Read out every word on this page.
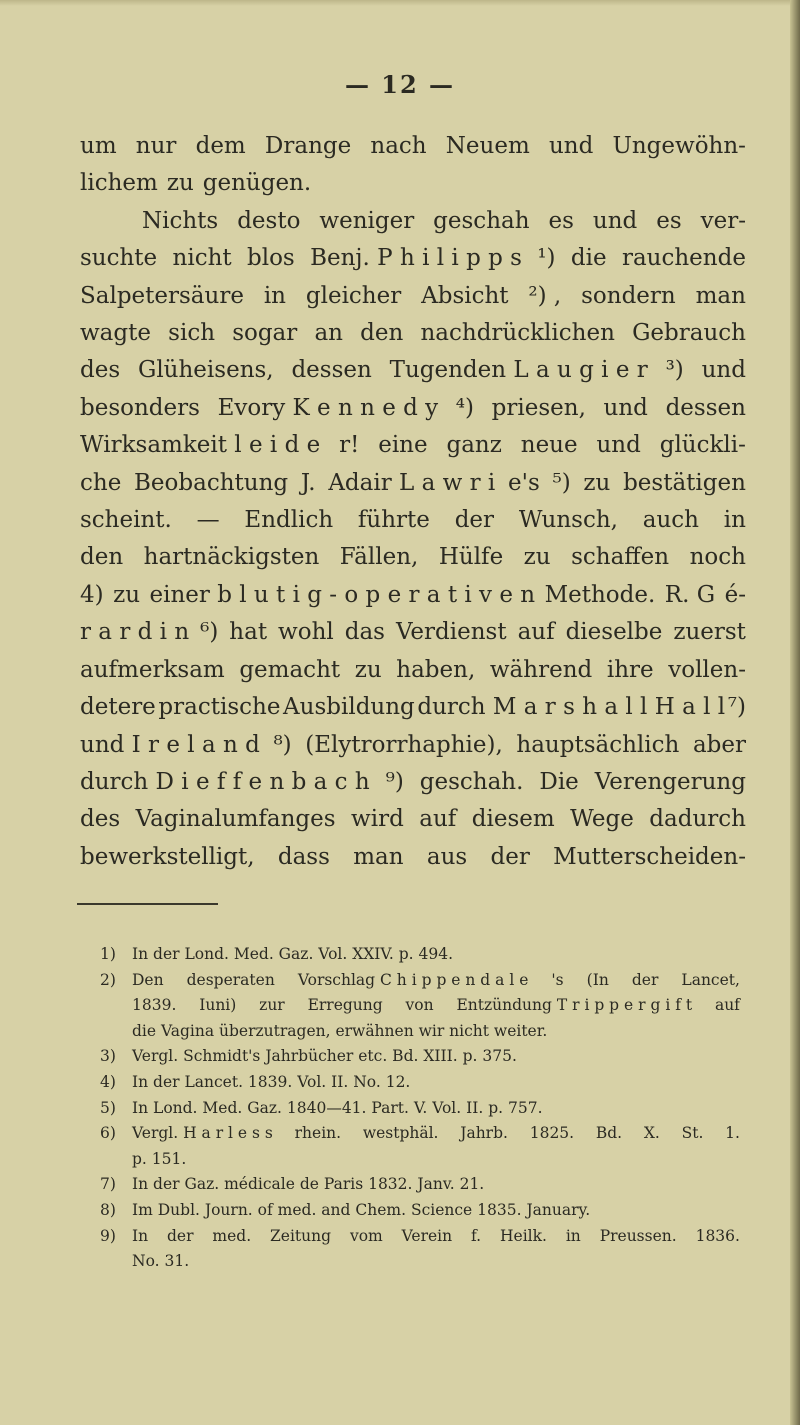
— 12 —
um nur dem Drange nach Neuem und Ungewöhn-
lichem zu genügen.
Nichts desto weniger geschah es und es ver-
suchte nicht blos Benj. P h i l i p p s ¹) die rauchende
Salpetersäure in gleicher Absicht ²) , sondern man
wagte sich sogar an den nachdrücklichen Gebrauch
des Glüheisens, dessen Tugenden L a u g i e r ³) und
besonders Evory K e n n e d y ⁴) priesen, und dessen
Wirksamkeit l e i d e r! eine ganz neue und glückli-
che Beobachtung J. Adair L a w r i e's ⁵) zu bestätigen
scheint. — Endlich führte der Wunsch, auch in
den hartnäckigsten Fällen, Hülfe zu schaffen noch
4) zu einer b l u t i g - o p e r a t i v e n Methode. R. G é-
r a r d i n ⁶) hat wohl das Verdienst auf dieselbe zuerst
aufmerksam gemacht zu haben, während ihre vollen-
detere practische Ausbildung durch M a r s h a l l H a l l ⁷)
und I r e l a n d ⁸) (Elytrorrhaphie), hauptsächlich aber
durch D i e f f e n b a c h ⁹) geschah. Die Verengerung
des Vaginalumfanges wird auf diesem Wege dadurch
bewerkstelligt, dass man aus der Mutterscheiden-
1)	In der Lond. Med. Gaz. Vol. XXIV. p. 494.
2)	Den desperaten Vorschlag C h i p p e n d a l e 's (In der Lancet,
1839. Iuni) zur Erregung von Entzündung T r i p p e r g i f t auf
die Vagina überzutragen, erwähnen wir nicht weiter.
3)	Vergl. Schmidt's Jahrbücher etc. Bd. XIII. p. 375.
4)	In der Lancet. 1839. Vol. II. No. 12.
5)	In Lond. Med. Gaz. 1840—41. Part. V. Vol. II. p. 757.
6)	Vergl. H a r l e s s rhein. westphäl. Jahrb. 1825. Bd. X. St. 1.
p. 151.
7)	In der Gaz. médicale de Paris 1832. Janv. 21.
8)	Im Dubl. Journ. of med. and Chem. Science 1835. January.
9)	In der med. Zeitung vom Verein f. Heilk. in Preussen. 1836.
No. 31.
